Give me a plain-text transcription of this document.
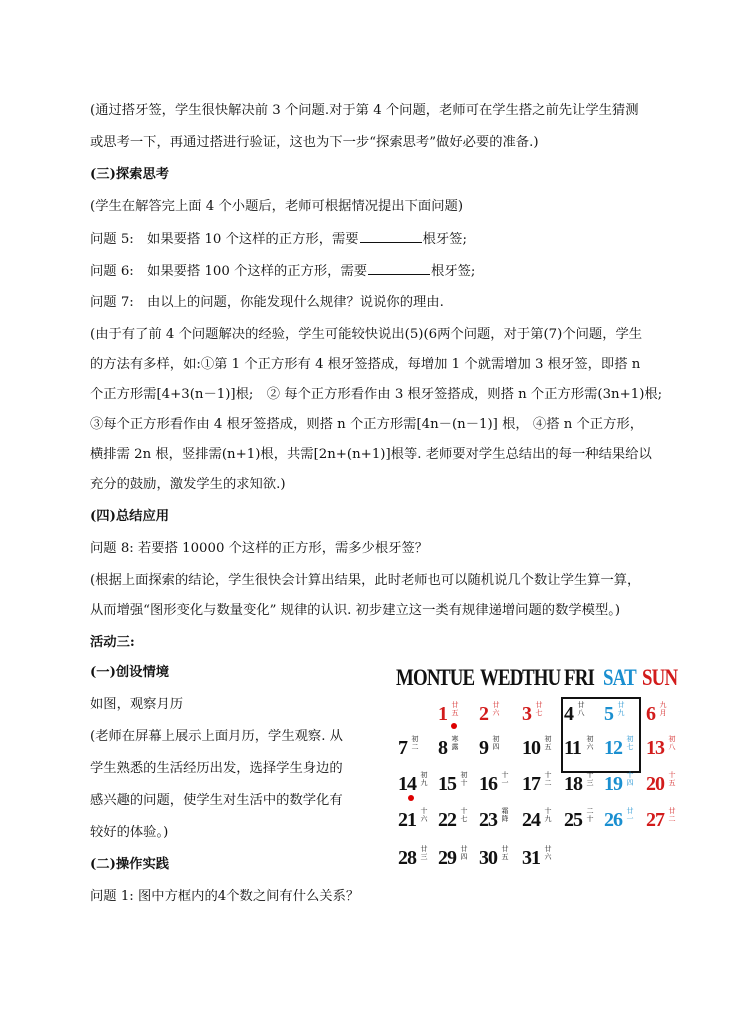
(通过搭牙签，学生很快解决前 3 个问题.对于第 4 个问题，老师可在学生搭之前先让学生猜测
或思考一下，再通过搭进行验证，这也为下一步“探索思考”做好必要的准备.)
(三)探索思考
(学生在解答完上面 4 个小题后，老师可根据情况提出下面问题)
问题 5:　如果要搭 10 个这样的正方形，需要	根牙签;
问题 6:　如果要搭 100 个这样的正方形，需要	根牙签;
问题 7:　由以上的问题，你能发现什么规律？说说你的理由.
(由于有了前 4 个问题解决的经验，学生可能较快说出(5)(6两个问题，对于第(7)个问题，学生
的方法有多样，如:①第 1 个正方形有 4 根牙签搭成，每增加 1 个就需增加 3 根牙签，即搭 n
个正方形需[4+3(n－1)]根;　② 每个正方形看作由 3 根牙签搭成，则搭 n 个正方形需(3n+1)根;
③每个正方形看作由 4 根牙签搭成，则搭 n 个正方形需[4n－(n－1)] 根， ④搭 n 个正方形，
横排需 2n 根，竖排需(n+1)根，共需[2n+(n+1)]根等. 老师要对学生总结出的每一种结果给以
充分的鼓励，激发学生的求知欲.)
(四)总结应用
问题 8: 若要搭 10000 个这样的正方形，需多少根牙签？
(根据上面探索的结论，学生很快会计算出结果，此时老师也可以随机说几个数让学生算一算，
从而增强“图形变化与数量变化” 规律的认识. 初步建立这一类有规律递增问题的数学模型。)
活动三:
(一)创设情境
如图，观察月历
(老师在屏幕上展示上面月历，学生观察. 从
学生熟悉的生活经历出发，选择学生身边的
感兴趣的问题，使学生对生活中的数学化有
较好的体验。)
(二)操作实践
问题 1: 图中方框内的4个数之间有什么关系？
MON
TUE WED THU FRI SAT SUN
1 廿五 2 廿六 3 廿七 4 廿八 5 廿九 6 九月
7 初二 8 寒露 9 初四 10 初五 11 初六 12 初七 13 初八
14 初九 15 初十 16 十一 17 十二 18 十三 19 十四 20 十五
21 十六 22 十七 23 霜降 24 十九 25 二十 26 廿一 27 廿二
28 廿三 29 廿四 30 廿五 31 廿六
